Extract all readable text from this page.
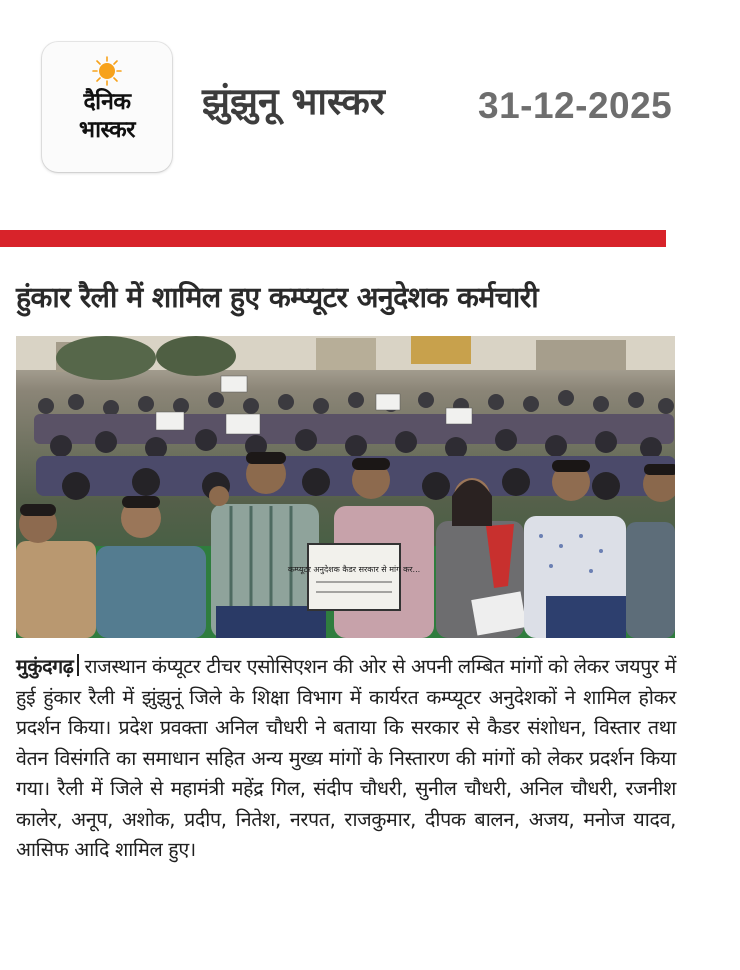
दैनिक
भास्कर
झुंझुनू भास्कर	31-12-2025
हुंकार रैली में शामिल हुए कम्प्यूटर अनुदेशक कर्मचारी
कम्प्यूटर अनुदेशक कैडर सरकार से मांग कर...
मुकुंदगढ़ राजस्थान कंप्यूटर टीचर एसोसिएशन की ओर से अपनी लम्बित मांगों को लेकर जयपुर में हुई हुंकार रैली में झुंझुनूं जिले के शिक्षा विभाग में कार्यरत कम्प्यूटर अनुदेशकों ने शामिल होकर प्रदर्शन किया। प्रदेश प्रवक्ता अनिल चौधरी ने बताया कि सरकार से कैडर संशोधन, विस्तार तथा वेतन विसंगति का समाधान सहित अन्य मुख्य मांगों के निस्तारण की मांगों को लेकर प्रदर्शन किया गया। रैली में जिले से महामंत्री महेंद्र गिल, संदीप चौधरी, सुनील चौधरी, अनिल चौधरी, रजनीश कालेर, अनूप, अशोक, प्रदीप, नितेश, नरपत, राजकुमार, दीपक बालन, अजय, मनोज यादव, आसिफ आदि शामिल हुए।
